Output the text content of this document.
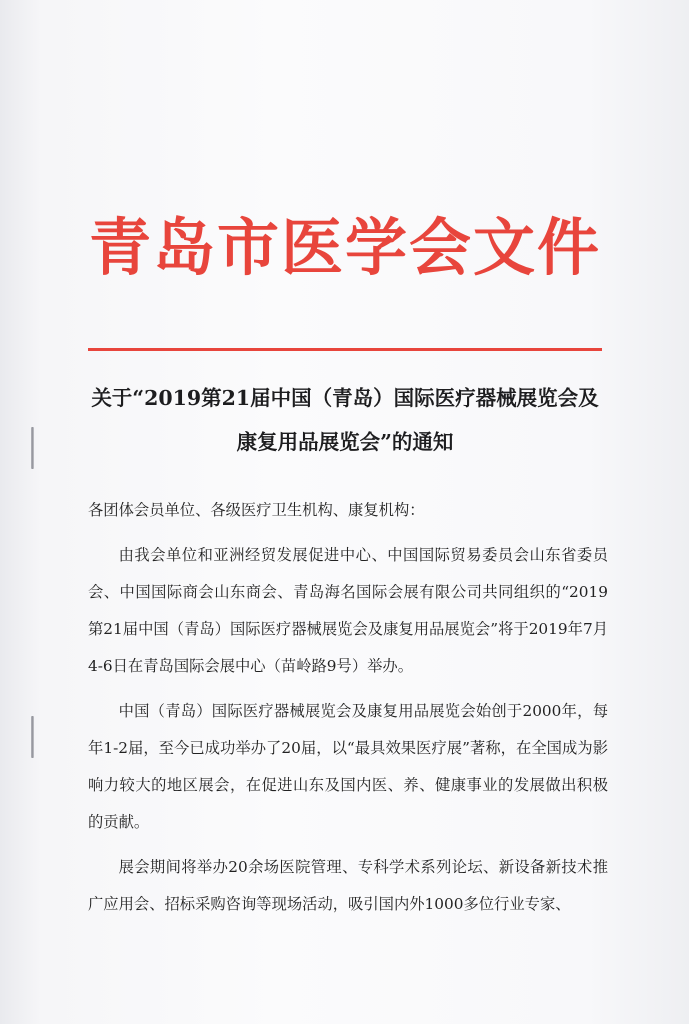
青岛市医学会文件
关于“2019第21届中国（青岛）国际医疗器械展览会及
康复用品展览会”的通知

各团体会员单位、各级医疗卫生机构、康复机构：

由我会单位和亚洲经贸发展促进中心、中国国际贸易委员会山东省委员会、中国国际商会山东商会、青岛海名国际会展有限公司共同组织的“2019第21届中国（青岛）国际医疗器械展览会及康复用品展览会”将于2019年7月4-6日在青岛国际会展中心（苗岭路9号）举办。

中国（青岛）国际医疗器械展览会及康复用品展览会始创于2000年，每年1-2届，至今已成功举办了20届，以“最具效果医疗展”著称，在全国成为影响力较大的地区展会，在促进山东及国内医、养、健康事业的发展做出积极的贡献。

展会期间将举办20余场医院管理、专科学术系列论坛、新设备新技术推广应用会、招标采购咨询等现场活动，吸引国内外1000多位行业专家、
